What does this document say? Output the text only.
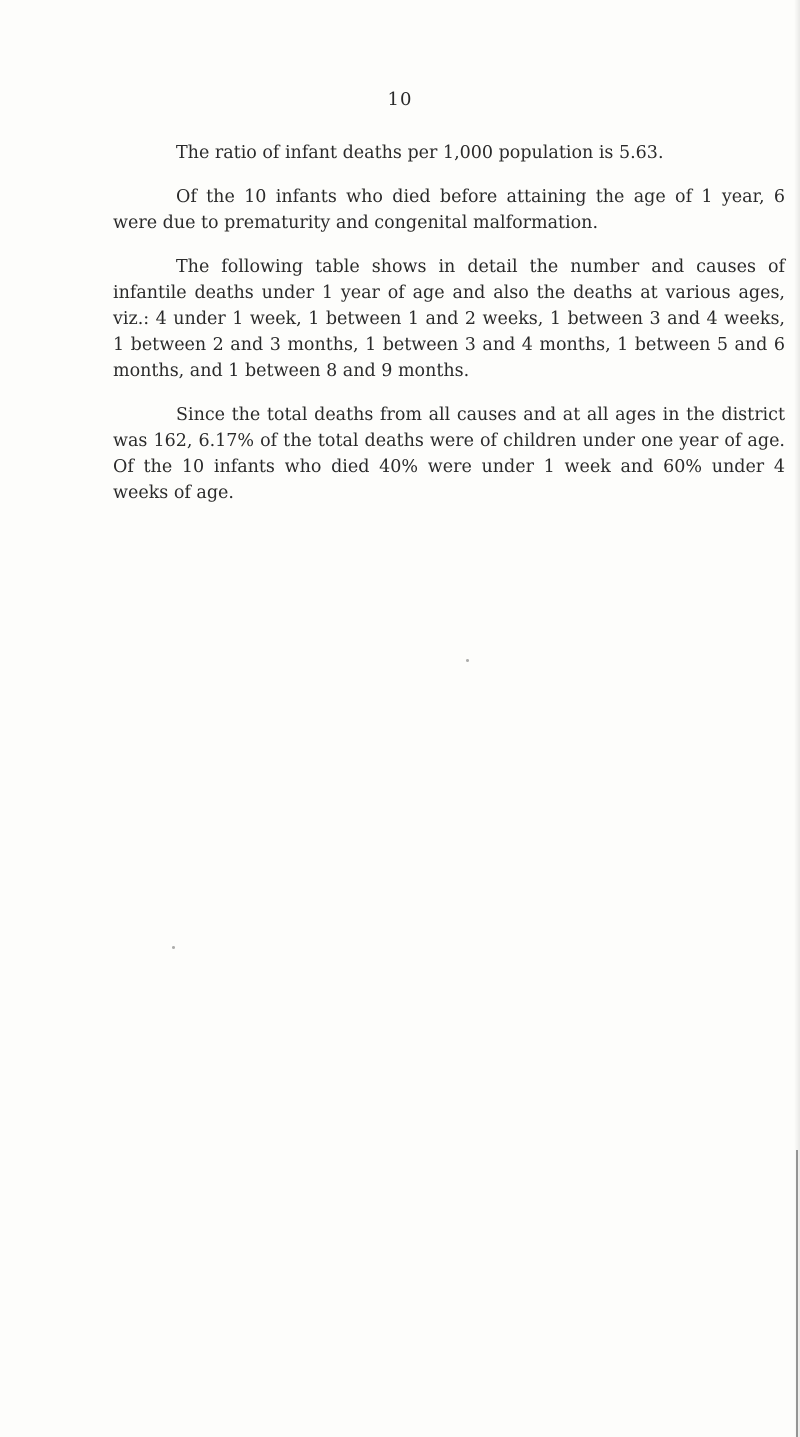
10

The ratio of infant deaths per 1,000 population is 5.63.

Of the 10 infants who died before attaining the age of 1 year, 6 were due to prematurity and congenital malformation.

The following table shows in detail the number and causes of infantile deaths under 1 year of age and also the deaths at various ages, viz.: 4 under 1 week, 1 between 1 and 2 weeks, 1 between 3 and 4 weeks, 1 between 2 and 3 months, 1 between 3 and 4 months, 1 between 5 and 6 months, and 1 between 8 and 9 months.

Since the total deaths from all causes and at all ages in the district was 162, 6.17% of the total deaths were of children under one year of age. Of the 10 infants who died 40% were under 1 week and 60% under 4 weeks of age.
